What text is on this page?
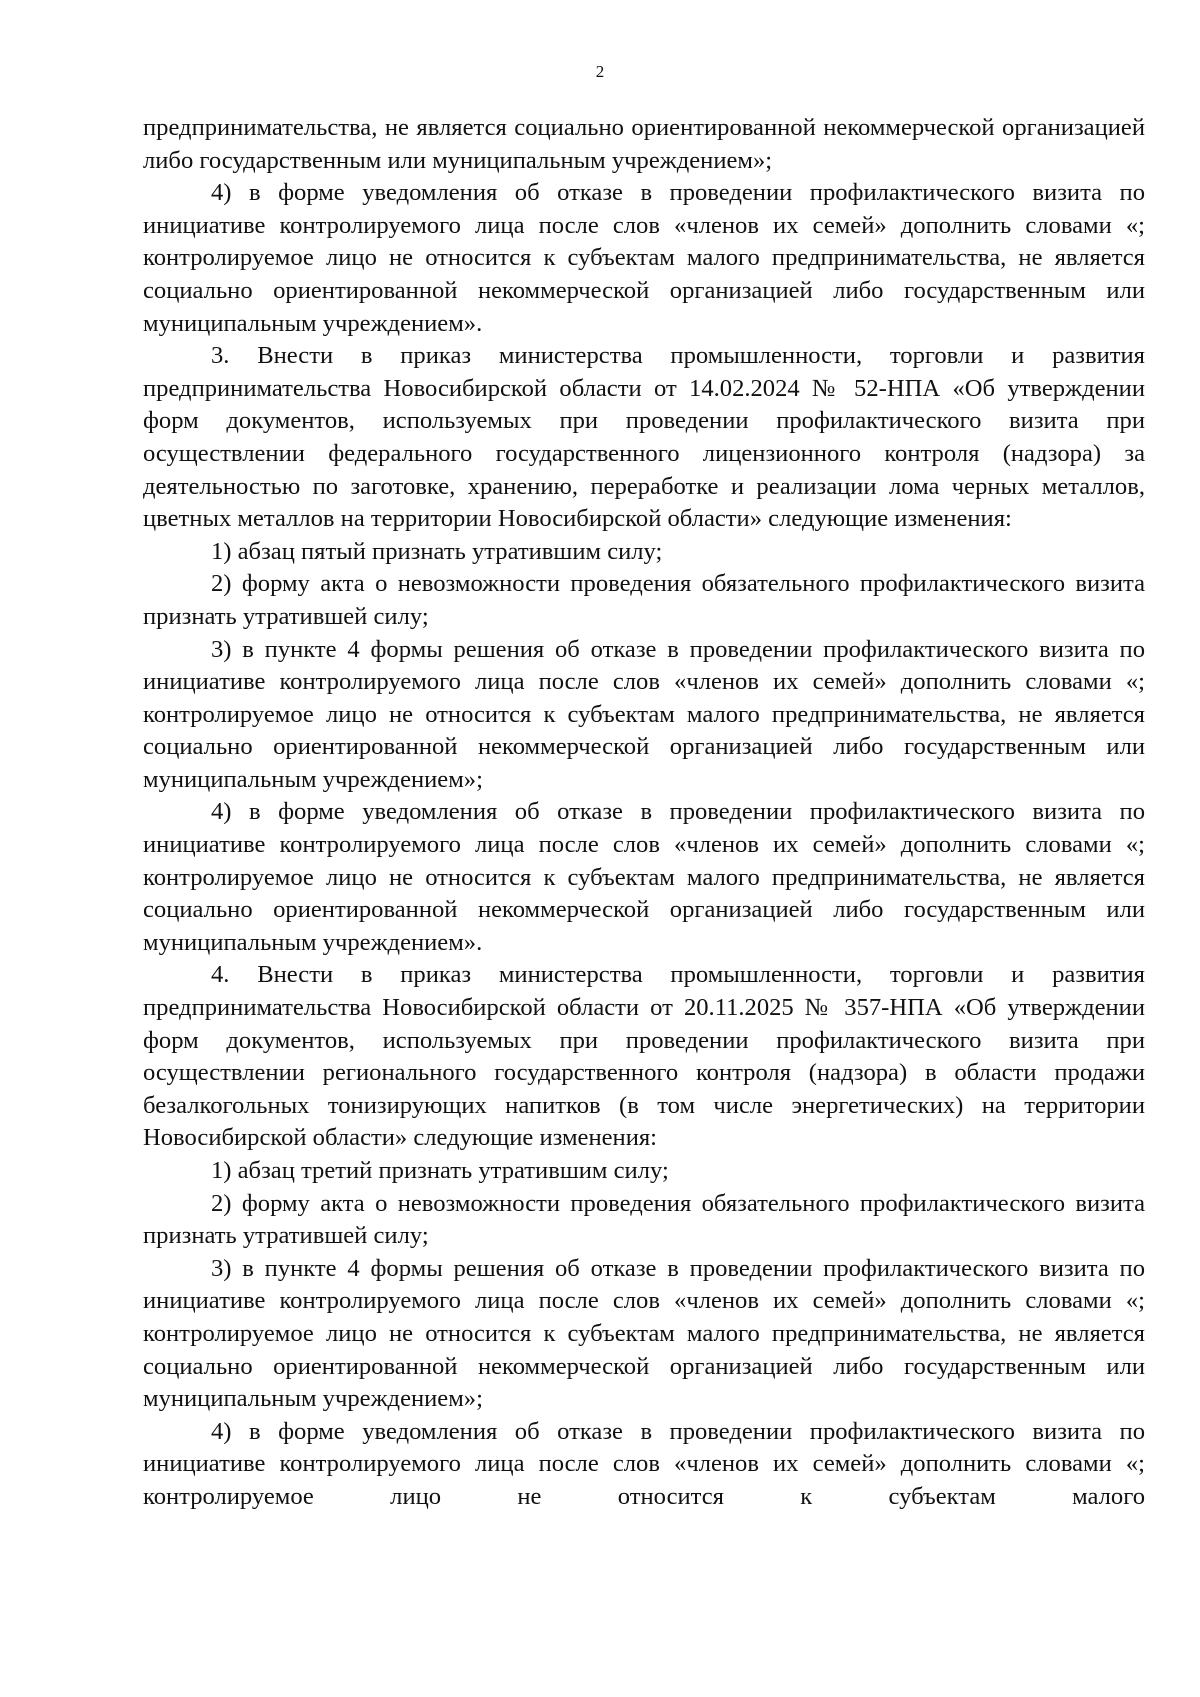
2

предпринимательства, не является социально ориентированной некоммерческой организацией либо государственным или муниципальным учреждением»;

4) в форме уведомления об отказе в проведении профилактического визита по инициативе контролируемого лица после слов «членов их семей» дополнить словами «; контролируемое лицо не относится к субъектам малого предпринимательства, не является социально ориентированной некоммерческой организацией либо государственным или муниципальным учреждением».

3. Внести в приказ министерства промышленности, торговли и развития предпринимательства Новосибирской области от 14.02.2024 № 52-НПА «Об утверждении форм документов, используемых при проведении профилактического визита при осуществлении федерального государственного лицензионного контроля (надзора) за деятельностью по заготовке, хранению, переработке и реализации лома черных металлов, цветных металлов на территории Новосибирской области» следующие изменения:

1) абзац пятый признать утратившим силу;

2) форму акта о невозможности проведения обязательного профилактического визита признать утратившей силу;

3) в пункте 4 формы решения об отказе в проведении профилактического визита по инициативе контролируемого лица после слов «членов их семей» дополнить словами «; контролируемое лицо не относится к субъектам малого предпринимательства, не является социально ориентированной некоммерческой организацией либо государственным или муниципальным учреждением»;

4) в форме уведомления об отказе в проведении профилактического визита по инициативе контролируемого лица после слов «членов их семей» дополнить словами «; контролируемое лицо не относится к субъектам малого предпринимательства, не является социально ориентированной некоммерческой организацией либо государственным или муниципальным учреждением».

4. Внести в приказ министерства промышленности, торговли и развития предпринимательства Новосибирской области от 20.11.2025 № 357-НПА «Об утверждении форм документов, используемых при проведении профилактического визита при осуществлении регионального государственного контроля (надзора) в области продажи безалкогольных тонизирующих напитков (в том числе энергетических) на территории Новосибирской области» следующие изменения:

1) абзац третий признать утратившим силу;

2) форму акта о невозможности проведения обязательного профилактического визита признать утратившей силу;

3) в пункте 4 формы решения об отказе в проведении профилактического визита по инициативе контролируемого лица после слов «членов их семей» дополнить словами «; контролируемое лицо не относится к субъектам малого предпринимательства, не является социально ориентированной некоммерческой организацией либо государственным или муниципальным учреждением»;

4) в форме уведомления об отказе в проведении профилактического визита по инициативе контролируемого лица после слов «членов их семей» дополнить словами «; контролируемое лицо не относится к субъектам малого
